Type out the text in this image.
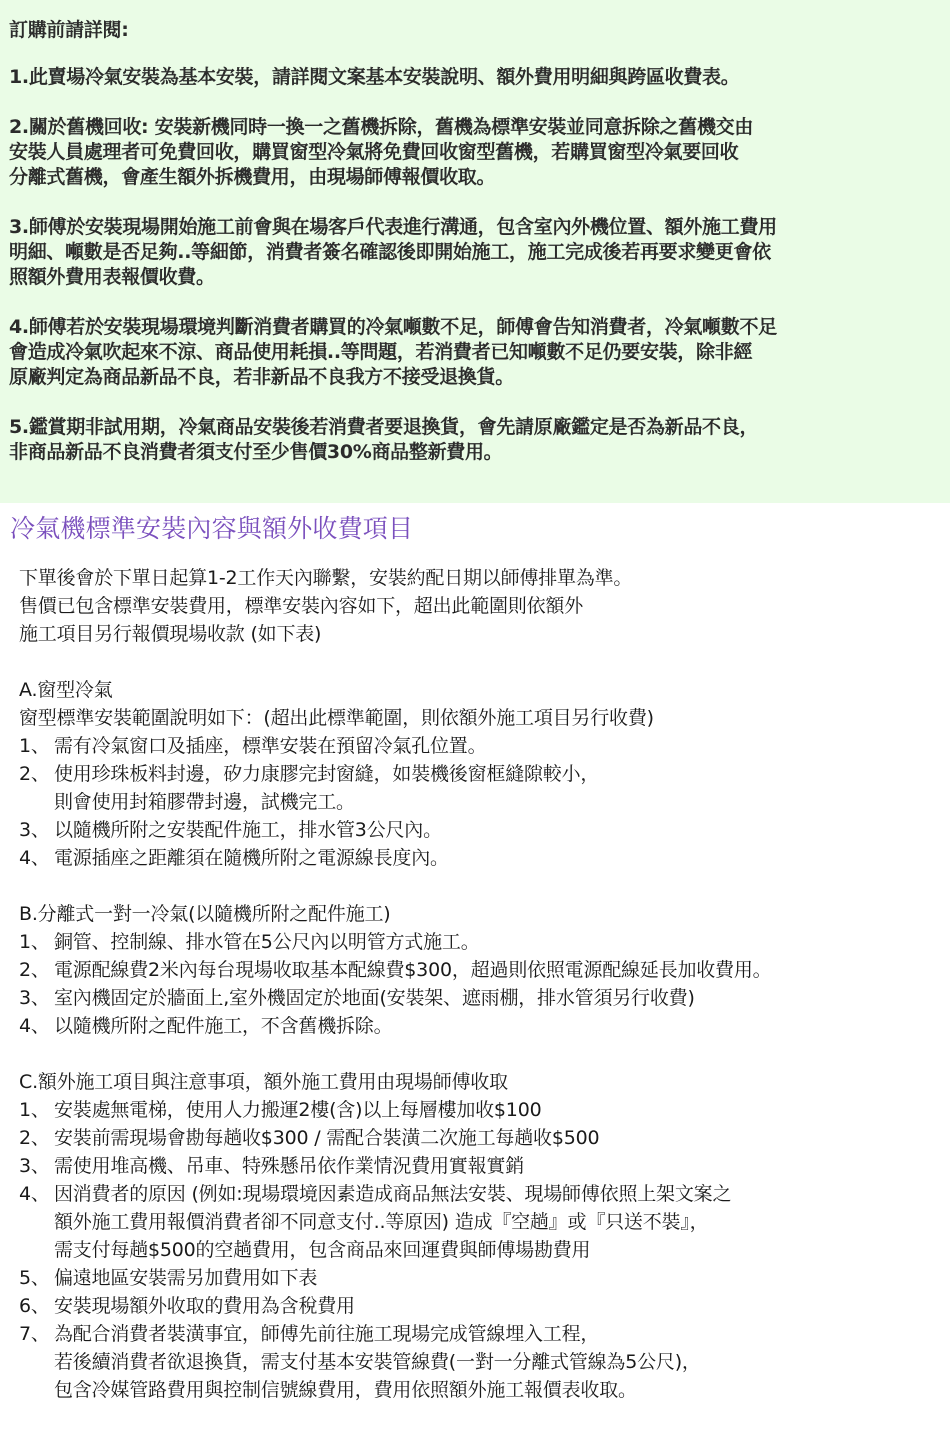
訂購前請詳閱:
1.此賣場冷氣安裝為基本安裝，請詳閱文案基本安裝說明、額外費用明細與跨區收費表。
2.關於舊機回收: 安裝新機同時一換一之舊機拆除，舊機為標準安裝並同意拆除之舊機交由
安裝人員處理者可免費回收，購買窗型冷氣將免費回收窗型舊機，若購買窗型冷氣要回收
分離式舊機，會產生額外拆機費用，由現場師傅報價收取。
3.師傅於安裝現場開始施工前會與在場客戶代表進行溝通，包含室內外機位置、額外施工費用
明細、噸數是否足夠..等細節，消費者簽名確認後即開始施工，施工完成後若再要求變更會依
照額外費用表報價收費。
4.師傅若於安裝現場環境判斷消費者購買的冷氣噸數不足，師傅會告知消費者，冷氣噸數不足
會造成冷氣吹起來不涼、商品使用耗損..等問題，若消費者已知噸數不足仍要安裝，除非經
原廠判定為商品新品不良，若非新品不良我方不接受退換貨。
5.鑑賞期非試用期，冷氣商品安裝後若消費者要退換貨，會先請原廠鑑定是否為新品不良，
非商品新品不良消費者須支付至少售價30%商品整新費用。
冷氣機標準安裝內容與額外收費項目
下單後會於下單日起算1-2工作天內聯繫，安裝約配日期以師傅排單為準。
售價已包含標準安裝費用，標準安裝內容如下，超出此範圍則依額外
施工項目另行報價現場收款 (如下表)
A.窗型冷氣
窗型標準安裝範圍說明如下：(超出此標準範圍，則依額外施工項目另行收費)
1、 需有冷氣窗口及插座，標準安裝在預留冷氣孔位置。
2、 使用珍珠板料封邊，矽力康膠完封窗縫，如裝機後窗框縫隙較小，
則會使用封箱膠帶封邊，試機完工。
3、 以隨機所附之安裝配件施工，排水管3公尺內。
4、 電源插座之距離須在隨機所附之電源線長度內。
B.分離式一對一冷氣(以隨機所附之配件施工)
1、 銅管、控制線、排水管在5公尺內以明管方式施工。
2、 電源配線費2米內每台現場收取基本配線費$300，超過則依照電源配線延長加收費用。
3、 室內機固定於牆面上,室外機固定於地面(安裝架、遮雨棚，排水管須另行收費)
4、 以隨機所附之配件施工，不含舊機拆除。
C.額外施工項目與注意事項，額外施工費用由現場師傅收取
1、 安裝處無電梯，使用人力搬運2樓(含)以上每層樓加收$100
2、 安裝前需現場會勘每趟收$300 / 需配合裝潢二次施工每趟收$500
3、 需使用堆高機、吊車、特殊懸吊依作業情況費用實報實銷
4、 因消費者的原因 (例如:現場環境因素造成商品無法安裝、現場師傅依照上架文案之
額外施工費用報價消費者卻不同意支付..等原因) 造成『空趟』或『只送不裝』，
需支付每趟$500的空趟費用，包含商品來回運費與師傅場勘費用
5、 偏遠地區安裝需另加費用如下表
6、 安裝現場額外收取的費用為含稅費用
7、 為配合消費者裝潢事宜，師傅先前往施工現場完成管線埋入工程，
若後續消費者欲退換貨，需支付基本安裝管線費(一對一分離式管線為5公尺)，
包含冷媒管路費用與控制信號線費用，費用依照額外施工報價表收取。
